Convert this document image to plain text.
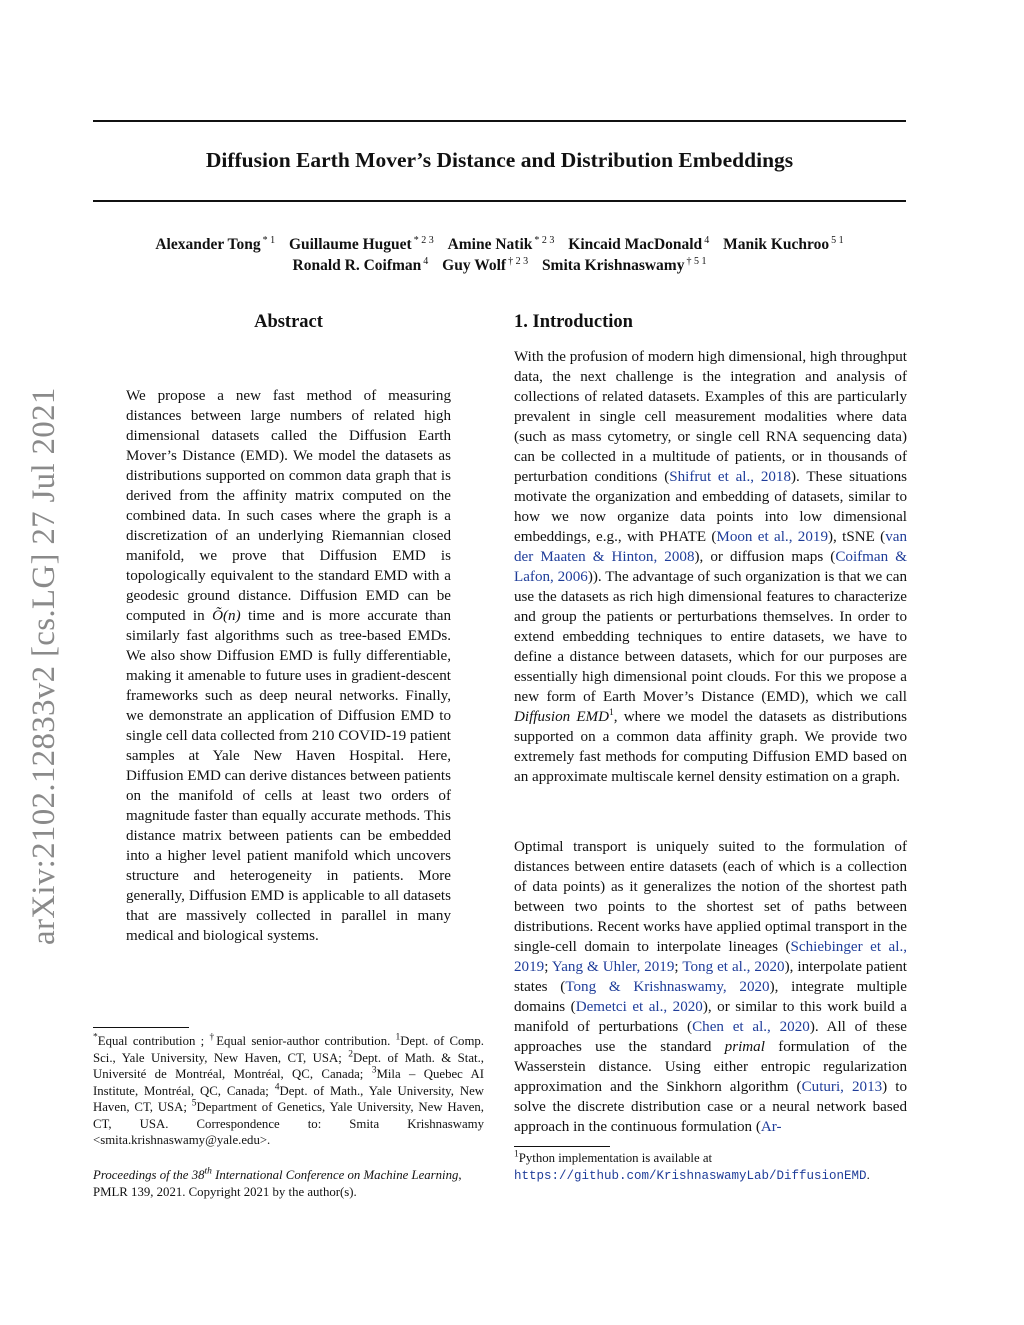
arXiv:2102.12833v2 [cs.LG] 27 Jul 2021
Diffusion Earth Mover’s Distance and Distribution Embeddings
Alexander Tong $^{* 1}$ Guillaume Huguet $^{* 2 3}$ Amine Natik $^{* 2 3}$ Kincaid MacDonald $^4$ Manik Kuchroo $^{5 1}$
Ronald R. Coifman $^4$ Guy Wolf $^{\dagger 2 3}$ Smita Krishnaswamy $^{\dagger 5 1}$
Abstract

We propose a new fast method of measuring distances between large numbers of related high dimensional datasets called the Diffusion Earth Mover’s Distance (EMD). We model the datasets as distributions supported on common data graph that is derived from the affinity matrix computed on the combined data. In such cases where the graph is a discretization of an underlying Riemannian closed manifold, we prove that Diffusion EMD is topologically equivalent to the standard EMD with a geodesic ground distance. Diffusion EMD can be computed in Õ(n) time and is more accurate than similarly fast algorithms such as tree-based EMDs. We also show Diffusion EMD is fully differentiable, making it amenable to future uses in gradient-descent frameworks such as deep neural networks. Finally, we demonstrate an application of Diffusion EMD to single cell data collected from 210 COVID-19 patient samples at Yale New Haven Hospital. Here, Diffusion EMD can derive distances between patients on the manifold of cells at least two orders of magnitude faster than equally accurate methods. This distance matrix between patients can be embedded into a higher level patient manifold which uncovers structure and heterogeneity in patients. More generally, Diffusion EMD is applicable to all datasets that are massively collected in parallel in many medical and biological systems.

1. Introduction

With the profusion of modern high dimensional, high throughput data, the next challenge is the integration and analysis of collections of related datasets. Examples of this are particularly prevalent in single cell measurement modalities where data (such as mass cytometry, or single cell RNA sequencing data) can be collected in a multitude of patients, or in thousands of perturbation conditions (Shifrut et al., 2018). These situations motivate the organization and embedding of datasets, similar to how we now organize data points into low dimensional embeddings, e.g., with PHATE (Moon et al., 2019), tSNE (van der Maaten & Hinton, 2008), or diffusion maps (Coifman & Lafon, 2006)). The advantage of such organization is that we can use the datasets as rich high dimensional features to characterize and group the patients or perturbations themselves. In order to extend embedding techniques to entire datasets, we have to define a distance between datasets, which for our purposes are essentially high dimensional point clouds. For this we propose a new form of Earth Mover’s Distance (EMD), which we call Diffusion EMD$^1$, where we model the datasets as distributions supported on a common data affinity graph. We provide two extremely fast methods for computing Diffusion EMD based on an approximate multiscale kernel density estimation on a graph.

Optimal transport is uniquely suited to the formulation of distances between entire datasets (each of which is a collection of data points) as it generalizes the notion of the shortest path between two points to the shortest set of paths between distributions. Recent works have applied optimal transport in the single-cell domain to interpolate lineages (Schiebinger et al., 2019; Yang & Uhler, 2019; Tong et al., 2020), interpolate patient states (Tong & Krishnaswamy, 2020), integrate multiple domains (Demetci et al., 2020), or similar to this work build a manifold of perturbations (Chen et al., 2020). All of these approaches use the standard primal formulation of the Wasserstein distance. Using either entropic regularization approximation and the Sinkhorn algorithm (Cuturi, 2013) to solve the discrete distribution case or a neural network based approach in the continuous formulation (Ar-

*Equal contribution ; †Equal senior-author contribution. $^1$Dept. of Comp. Sci., Yale University, New Haven, CT, USA; $^2$Dept. of Math. & Stat., Université de Montréal, Montréal, QC, Canada; $^3$Mila – Quebec AI Institute, Montréal, QC, Canada; $^4$Dept. of Math., Yale University, New Haven, CT, USA; $^5$Department of Genetics, Yale University, New Haven, CT, USA. Correspondence to: Smita Krishnaswamy <smita.krishnaswamy@yale.edu>.

Proceedings of the 38th International Conference on Machine Learning, PMLR 139, 2021. Copyright 2021 by the author(s).

$^1$Python implementation is available at https://github.com/KrishnaswamyLab/DiffusionEMD.
